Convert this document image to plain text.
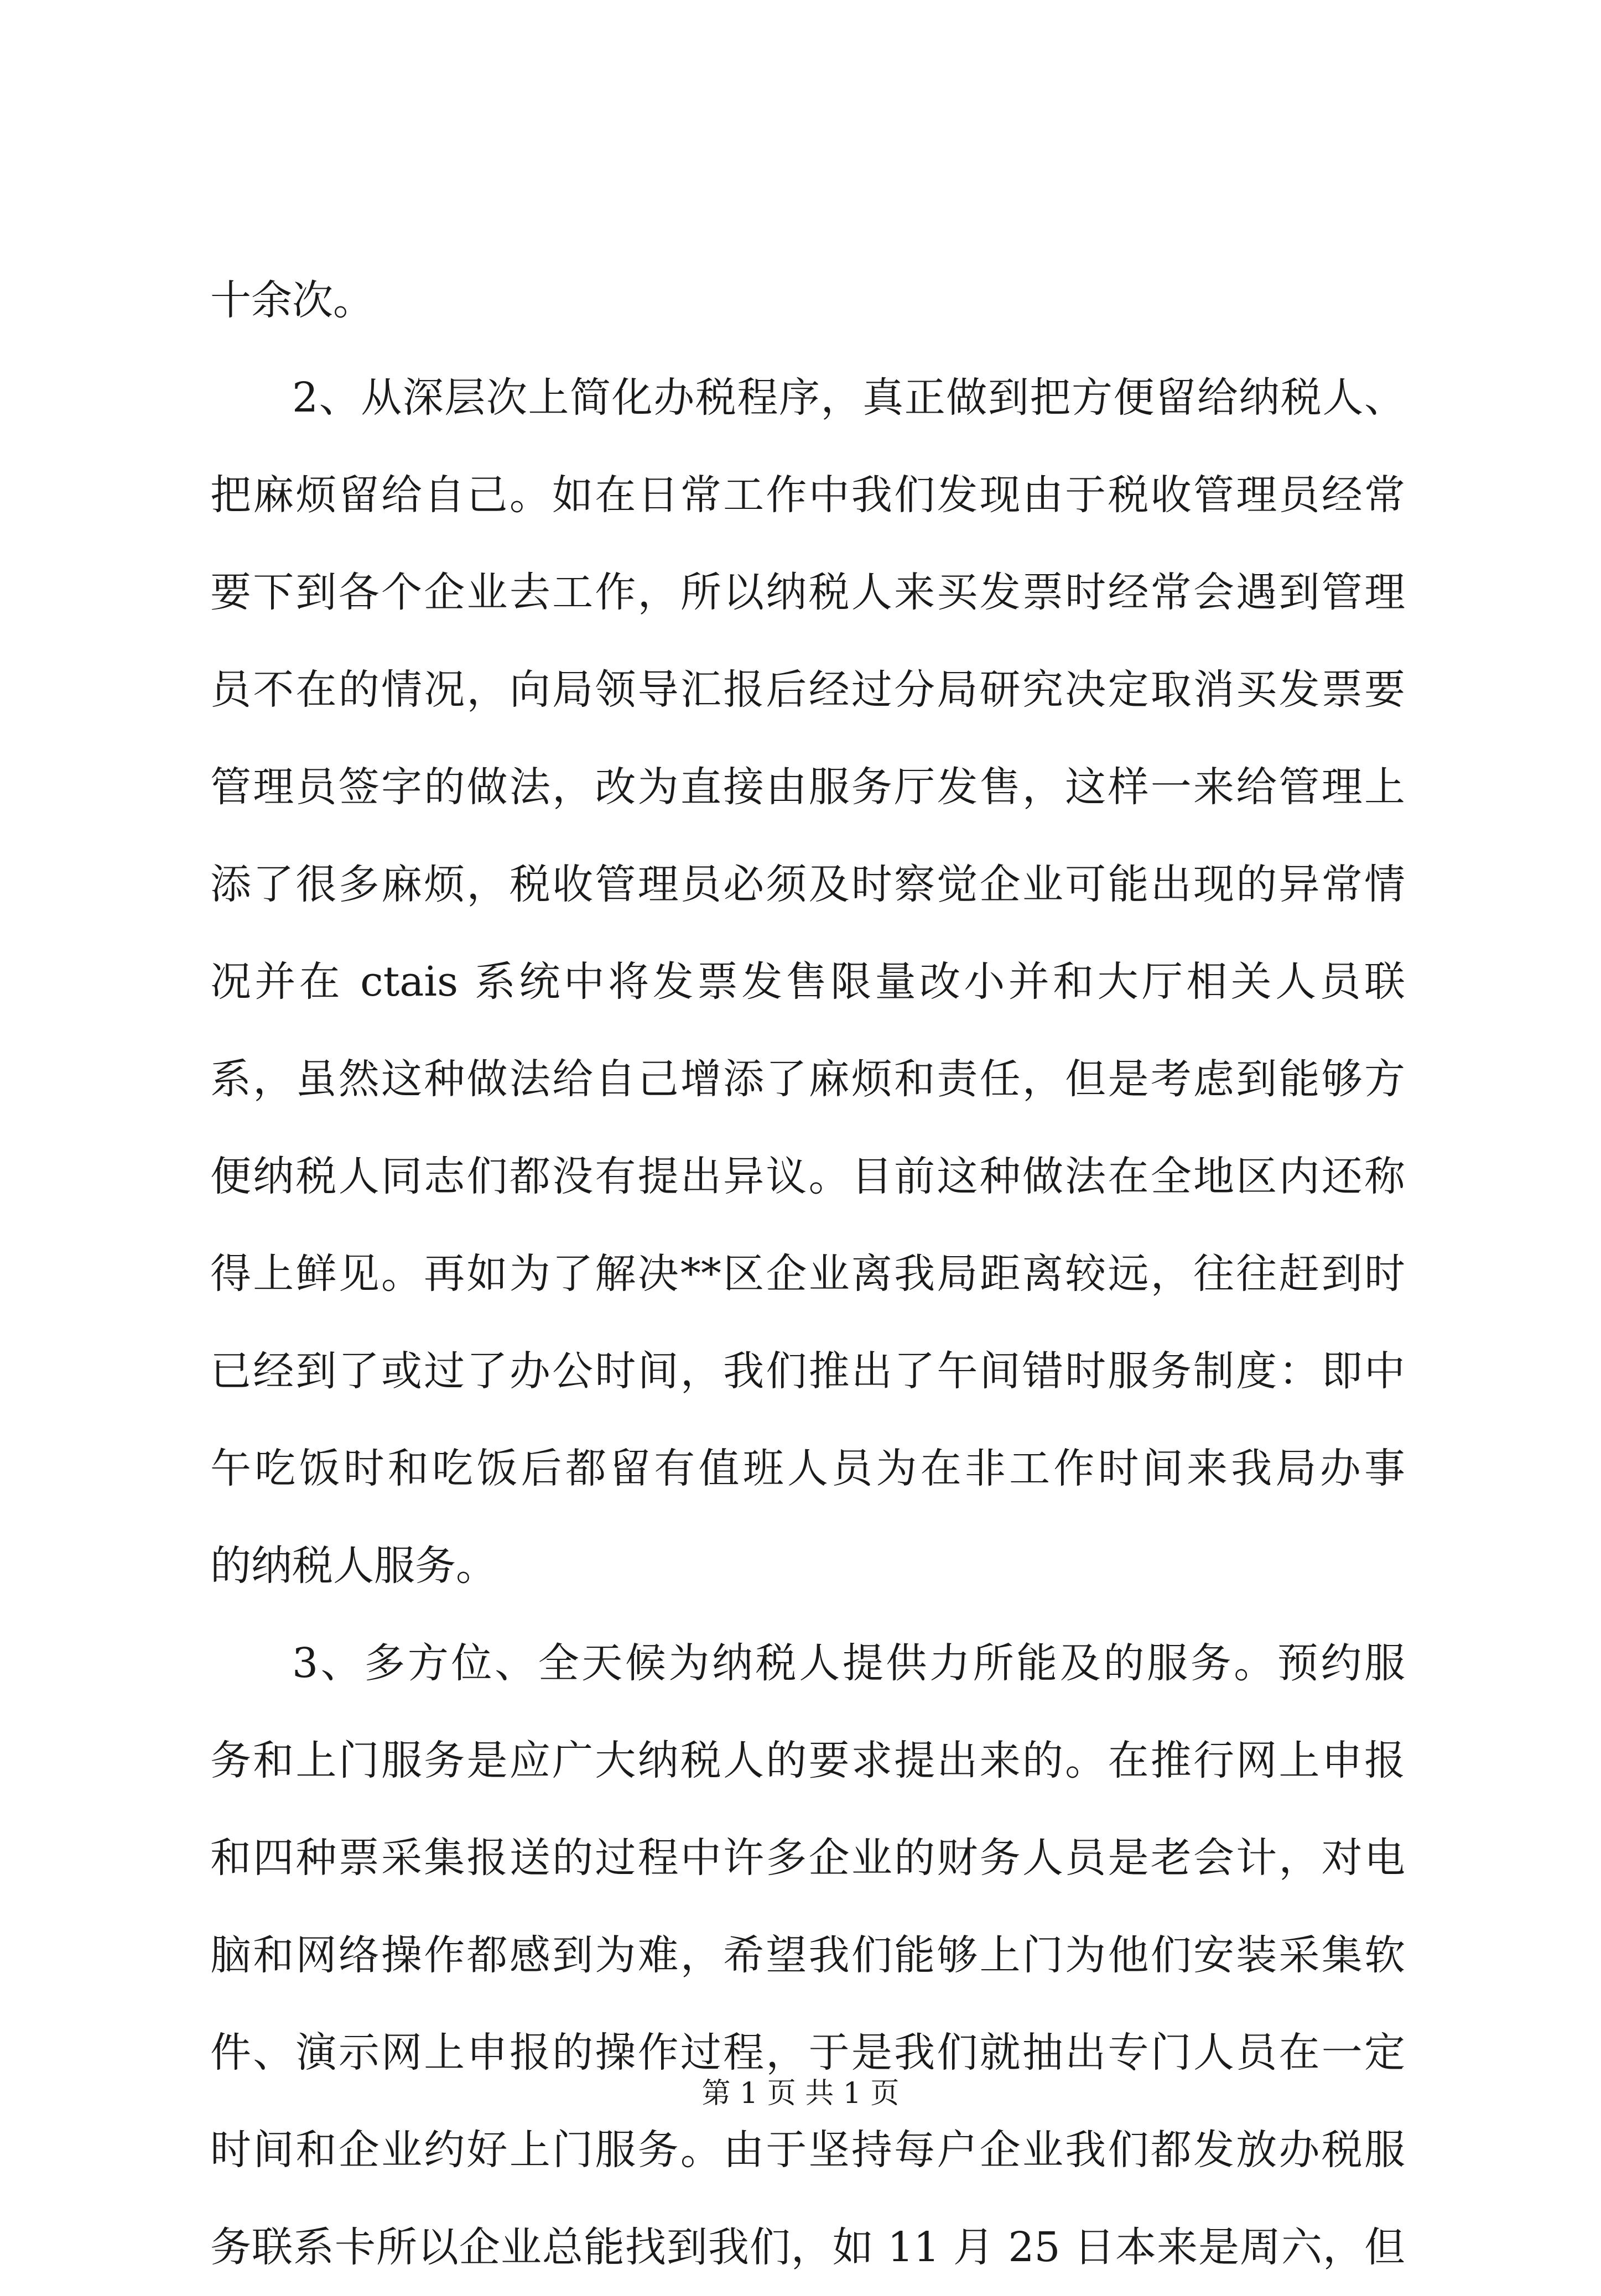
十余次。
2、从深层次上简化办税程序，真正做到把方便留给纳税人、
把麻烦留给自己。如在日常工作中我们发现由于税收管理员经常
要下到各个企业去工作，所以纳税人来买发票时经常会遇到管理
员不在的情况，向局领导汇报后经过分局研究决定取消买发票要
管理员签字的做法，改为直接由服务厅发售，这样一来给管理上
添了很多麻烦，税收管理员必须及时察觉企业可能出现的异常情
况并在 ctais 系统中将发票发售限量改小并和大厅相关人员联
系，虽然这种做法给自己增添了麻烦和责任，但是考虑到能够方
便纳税人同志们都没有提出异议。目前这种做法在全地区内还称
得上鲜见。再如为了解决**区企业离我局距离较远，往往赶到时
已经到了或过了办公时间，我们推出了午间错时服务制度：即中
午吃饭时和吃饭后都留有值班人员为在非工作时间来我局办事
的纳税人服务。
3、多方位、全天候为纳税人提供力所能及的服务。预约服
务和上门服务是应广大纳税人的要求提出来的。在推行网上申报
和四种票采集报送的过程中许多企业的财务人员是老会计，对电
脑和网络操作都感到为难，希望我们能够上门为他们安装采集软
件、演示网上申报的操作过程，于是我们就抽出专门人员在一定
时间和企业约好上门服务。由于坚持每户企业我们都发放办税服
务联系卡所以企业总能找到我们，如 11 月 25 日本来是周六，但
第 1 页 共 1 页
